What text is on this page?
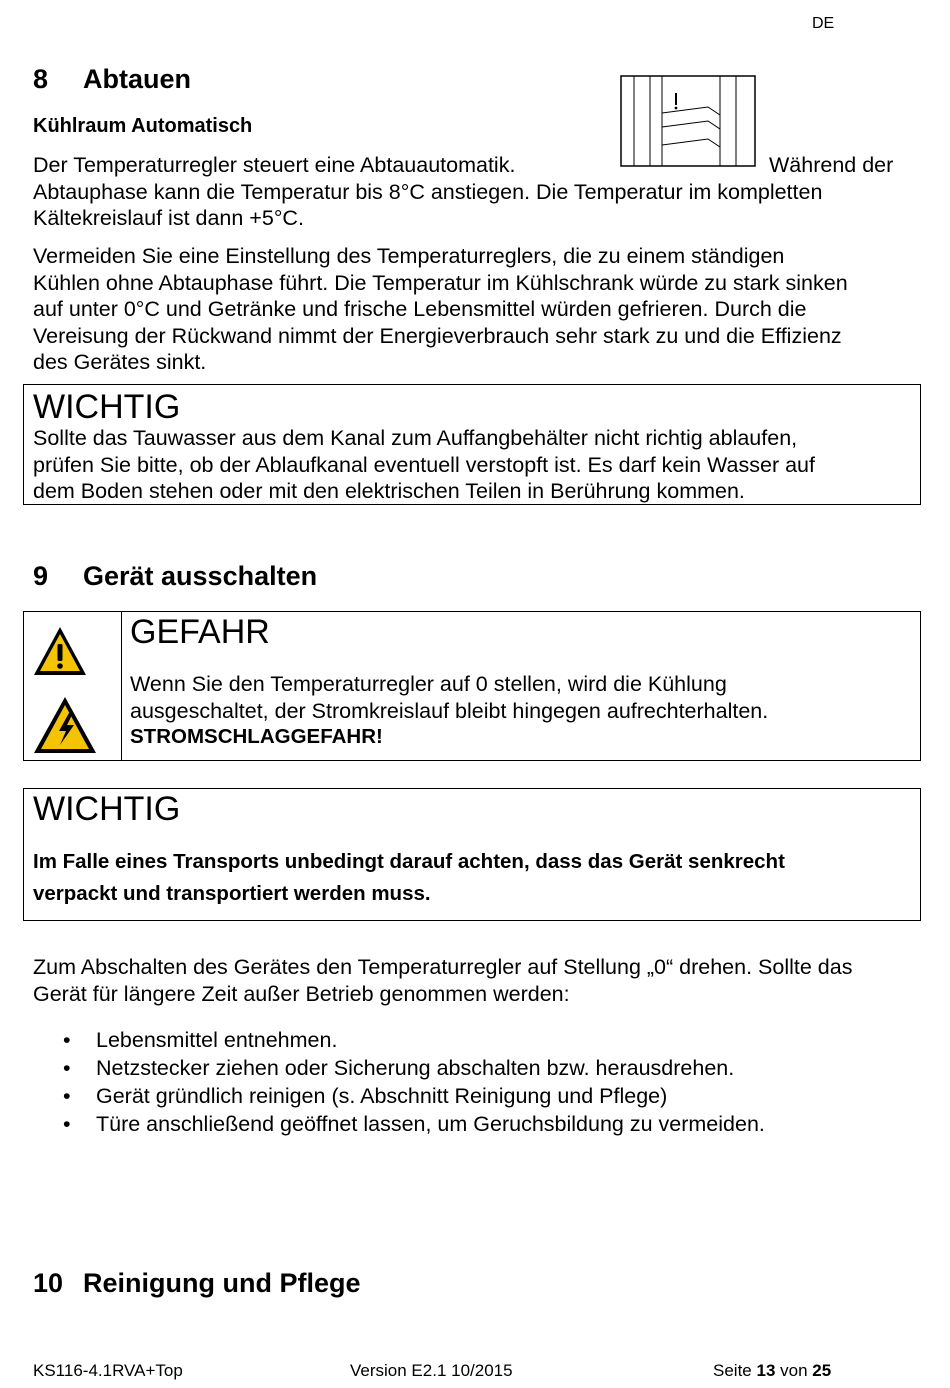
DE
8 Abtauen
Kühlraum Automatisch
Der Temperaturregler steuert eine Abtauautomatik.	Während der
Abtauphase kann die Temperatur bis 8°C anstiegen. Die Temperatur im kompletten
Kältekreislauf ist dann +5°C.
Vermeiden Sie eine Einstellung des Temperaturreglers, die zu einem ständigen
Kühlen ohne Abtauphase führt. Die Temperatur im Kühlschrank würde zu stark sinken
auf unter 0°C und Getränke und frische Lebensmittel würden gefrieren. Durch die
Vereisung der Rückwand nimmt der Energieverbrauch sehr stark zu und die Effizienz
des Gerätes sinkt.
WICHTIG
Sollte das Tauwasser aus dem Kanal zum Auffangbehälter nicht richtig ablaufen,
prüfen Sie bitte, ob der Ablaufkanal eventuell verstopft ist. Es darf kein Wasser auf
dem Boden stehen oder mit den elektrischen Teilen in Berührung kommen.
9 Gerät ausschalten
GEFAHR
Wenn Sie den Temperaturregler auf 0 stellen, wird die Kühlung
ausgeschaltet, der Stromkreislauf bleibt hingegen aufrechterhalten.
STROMSCHLAGGEFAHR!
WICHTIG
Im Falle eines Transports unbedingt darauf achten, dass das Gerät senkrecht
verpackt und transportiert werden muss.
Zum Abschalten des Gerätes den Temperaturregler auf Stellung „0“ drehen. Sollte das
Gerät für längere Zeit außer Betrieb genommen werden:
• Lebensmittel entnehmen.
• Netzstecker ziehen oder Sicherung abschalten bzw. herausdrehen.
• Gerät gründlich reinigen (s. Abschnitt Reinigung und Pflege)
• Türe anschließend geöffnet lassen, um Geruchsbildung zu vermeiden.
10 Reinigung und Pflege
KS116-4.1RVA+Top	Version E2.1 10/2015	Seite 13 von 25
